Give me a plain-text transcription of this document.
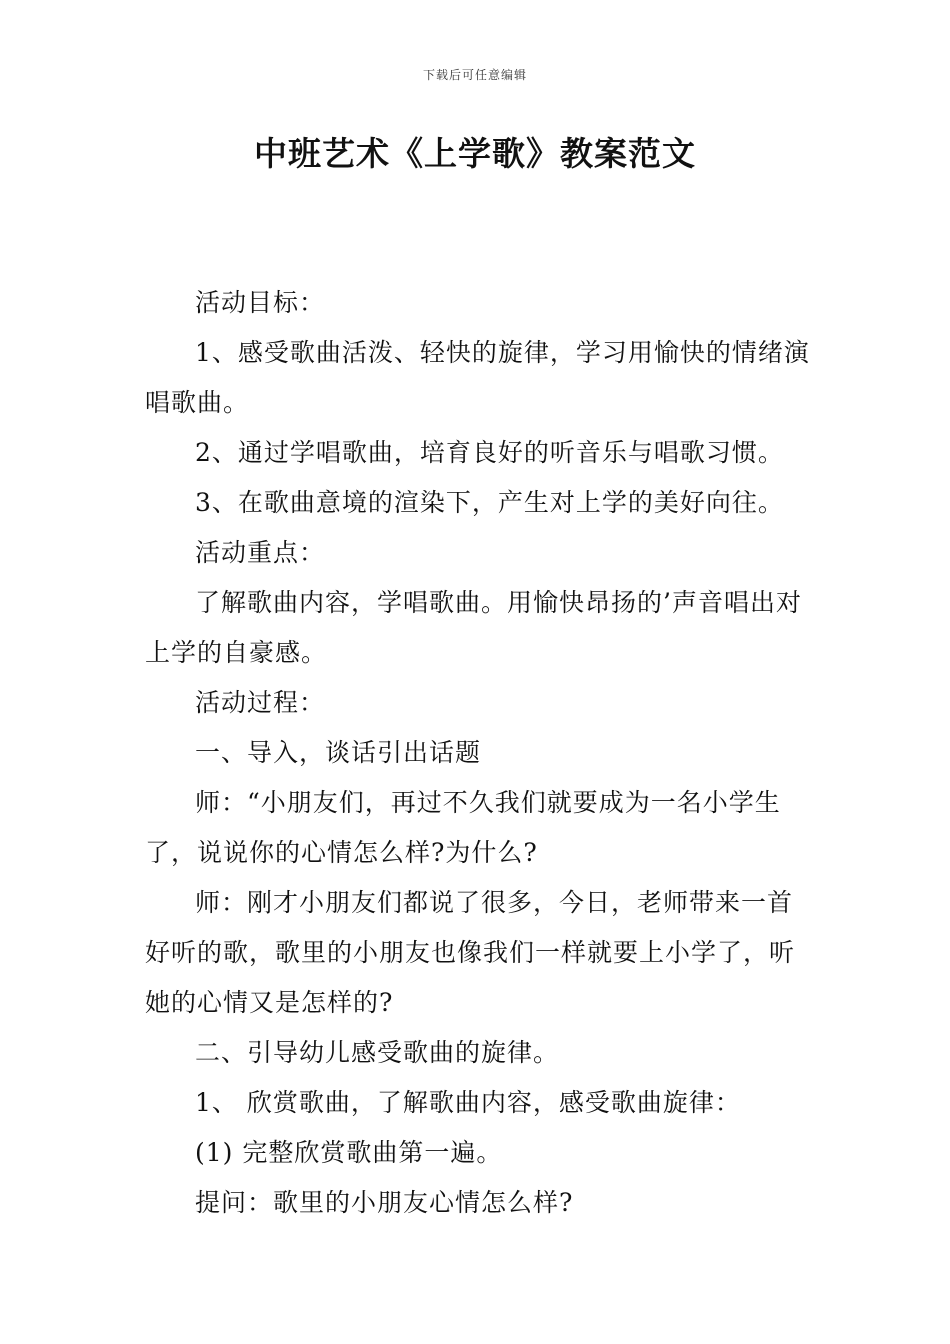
下载后可任意编辑
中班艺术《上学歌》教案范文

活动目标：

1、感受歌曲活泼、轻快的旋律，学习用愉快的情绪演唱歌曲。

2、通过学唱歌曲，培育良好的听音乐与唱歌习惯。

3、在歌曲意境的渲染下，产生对上学的美好向往。

活动重点：

了解歌曲内容，学唱歌曲。用愉快昂扬的’声音唱出对上学的自豪感。

活动过程：

一、导入，谈话引出话题

师：“小朋友们，再过不久我们就要成为一名小学生了，说说你的心情怎么样?为什么?

师：刚才小朋友们都说了很多，今日，老师带来一首好听的歌，歌里的小朋友也像我们一样就要上小学了，听她的心情又是怎样的?

二、引导幼儿感受歌曲的旋律。

1、 欣赏歌曲，了解歌曲内容，感受歌曲旋律：

(1) 完整欣赏歌曲第一遍。

提问：歌里的小朋友心情怎么样?
